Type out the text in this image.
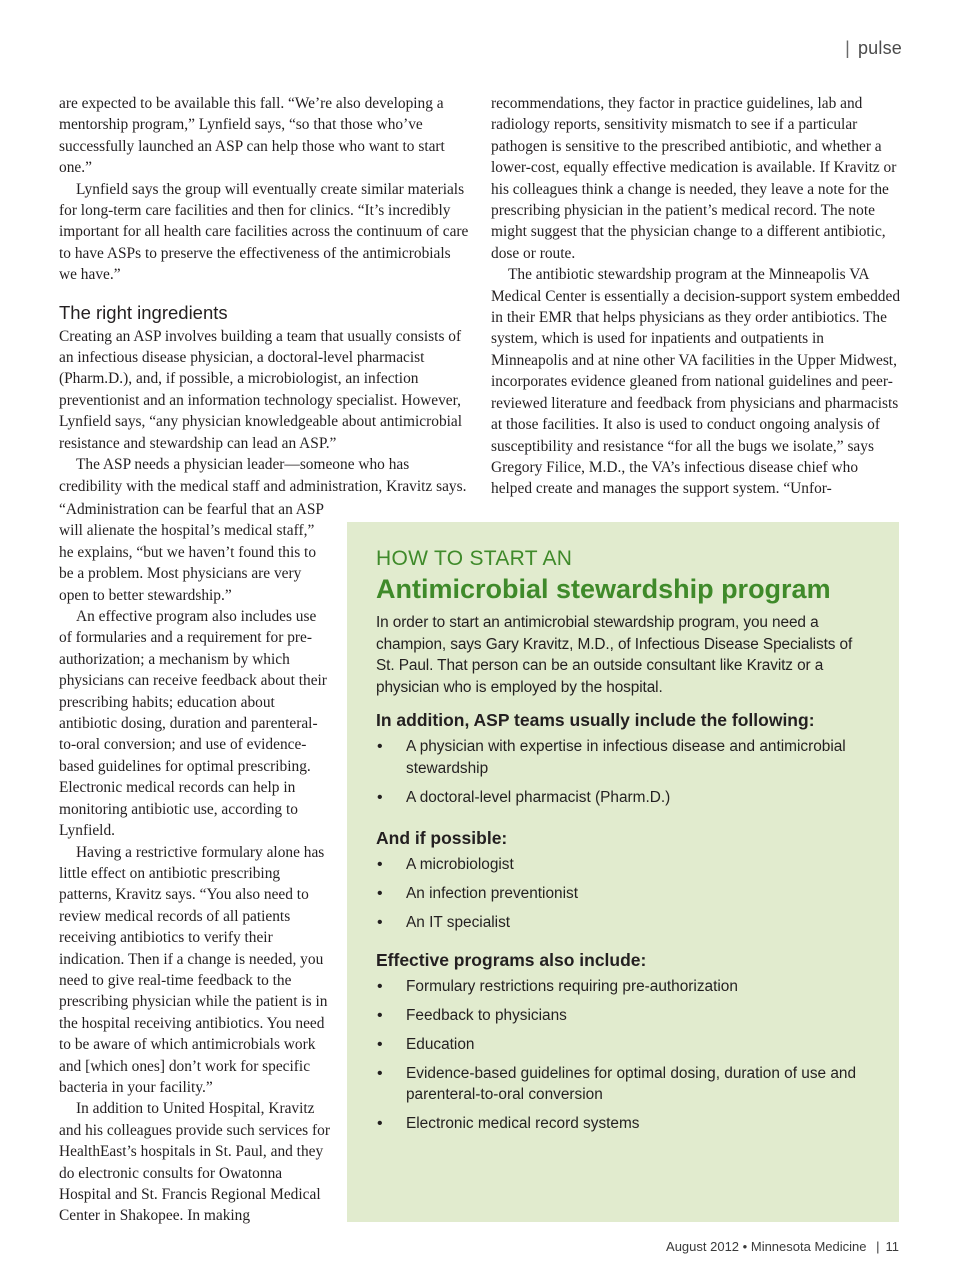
| pulse

are expected to be available this fall. “We’re also developing a mentorship program,” Lynfield says, “so that those who’ve successfully launched an ASP can help those who want to start one.”

Lynfield says the group will eventually create similar materials for long-term care facilities and then for clinics. “It’s incredibly important for all health care facilities across the continuum of care to have ASPs to preserve the effectiveness of the antimicrobials we have.”

The right ingredients

Creating an ASP involves building a team that usually consists of an infectious disease physician, a doctoral-level pharmacist (Pharm.D.), and, if possible, a microbiologist, an infection preventionist and an information technology specialist. However, Lynfield says, “any physician knowledgeable about antimicrobial resistance and stewardship can lead an ASP.”

The ASP needs a physician leader—someone who has credibility with the medical staff and administration, Kravitz says.

“Administration can be fearful that an ASP will alienate the hospital’s medical staff,” he explains, “but we haven’t found this to be a problem. Most physicians are very open to better stewardship.”

An effective program also includes use of formularies and a requirement for pre-authorization; a mechanism by which physicians can receive feedback about their prescribing habits; education about antibiotic dosing, duration and parenteral-to-oral conversion; and use of evidence-based guidelines for optimal prescribing. Electronic medical records can help in monitoring antibiotic use, according to Lynfield.

Having a restrictive formulary alone has little effect on antibiotic prescribing patterns, Kravitz says. “You also need to review medical records of all patients receiving antibiotics to verify their indication. Then if a change is needed, you need to give real-time feedback to the prescribing physician while the patient is in the hospital receiving antibiotics. You need to be aware of which antimicrobials work and [which ones] don’t work for specific bacteria in your facility.”

In addition to United Hospital, Kravitz and his colleagues provide such services for HealthEast’s hospitals in St. Paul, and they do electronic consults for Owatonna Hospital and St. Francis Regional Medical Center in Shakopee. In making

recommendations, they factor in practice guidelines, lab and radiology reports, sensitivity mismatch to see if a particular pathogen is sensitive to the prescribed antibiotic, and whether a lower-cost, equally effective medication is available. If Kravitz or his colleagues think a change is needed, they leave a note for the prescribing physician in the patient’s medical record. The note might suggest that the physician change to a different antibiotic, dose or route.

The antibiotic stewardship program at the Minneapolis VA Medical Center is essentially a decision-support system embedded in their EMR that helps physicians as they order antibiotics. The system, which is used for inpatients and outpatients in Minneapolis and at nine other VA facilities in the Upper Midwest, incorporates evidence gleaned from national guidelines and peer-reviewed literature and feedback from physicians and pharmacists at those facilities. It also is used to conduct ongoing analysis of susceptibility and resistance “for all the bugs we isolate,” says Gregory Filice, M.D., the VA’s infectious disease chief who helped create and manages the support system. “Unfor-

HOW TO START AN
Antimicrobial stewardship program

In order to start an antimicrobial stewardship program, you need a champion, says Gary Kravitz, M.D., of Infectious Disease Specialists of St. Paul. That person can be an outside consultant like Kravitz or a physician who is employed by the hospital.

In addition, ASP teams usually include the following:
• A physician with expertise in infectious disease and antimicrobial stewardship
• A doctoral-level pharmacist (Pharm.D.)
And if possible:
• A microbiologist
• An infection preventionist
• An IT specialist
Effective programs also include:
• Formulary restrictions requiring pre-authorization
• Feedback to physicians
• Education
• Evidence-based guidelines for optimal dosing, duration of use and parenteral-to-oral conversion
• Electronic medical record systems
August 2012 • Minnesota Medicine | 11
